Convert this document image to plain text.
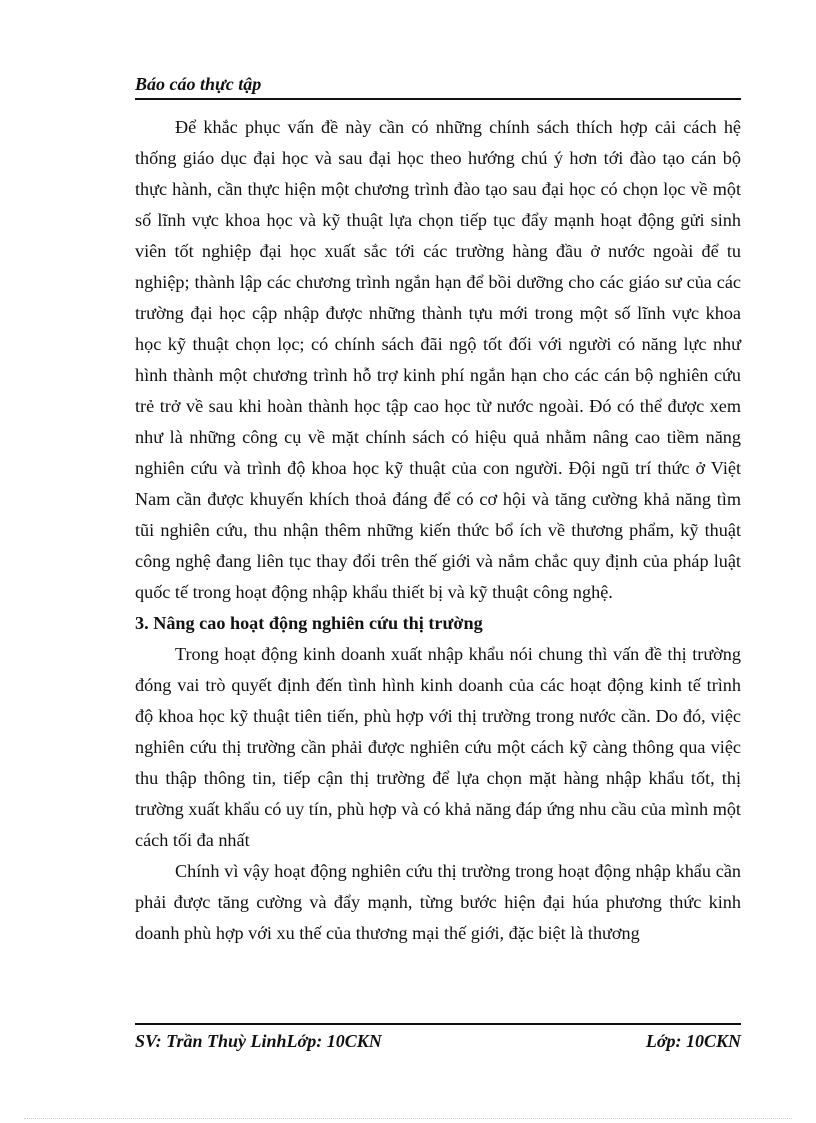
Báo cáo thực tập

Để khắc phục vấn đề này cần có những chính sách thích hợp cải cách hệ thống giáo dục đại học và sau đại học theo hướng chú ý hơn tới đào tạo cán bộ thực hành, cần thực hiện một chương trình đào tạo sau đại học có chọn lọc về một số lĩnh vực khoa học và kỹ thuật lựa chọn tiếp tục đẩy mạnh hoạt động gửi sinh viên tốt nghiệp đại học xuất sắc tới các trường hàng đầu ở nước ngoài để tu nghiệp; thành lập các chương trình ngắn hạn để bồi dưỡng cho các giáo sư của các trường đại học cập nhập được những thành tựu mới trong một số lĩnh vực khoa học kỹ thuật chọn lọc; có chính sách đãi ngộ tốt đối với người có năng lực như hình thành một chương trình hỗ trợ kinh phí ngắn hạn cho các cán bộ nghiên cứu trẻ trở về sau khi hoàn thành học tập cao học từ nước ngoài. Đó có thể được xem như là những công cụ về mặt chính sách có hiệu quả nhằm nâng cao tiềm năng nghiên cứu và trình độ khoa học kỹ thuật của con người. Đội ngũ trí thức ở Việt Nam cần được khuyến khích thoả đáng để có cơ hội và tăng cường khả năng tìm tũi nghiên cứu, thu nhận thêm những kiến thức bổ ích về thương phẩm, kỹ thuật công nghệ đang liên tục thay đổi trên thế giới và nắm chắc quy định của pháp luật quốc tế trong hoạt động nhập khẩu thiết bị và kỹ thuật công nghệ.

3. Nâng cao hoạt động nghiên cứu thị trường

Trong hoạt động kinh doanh xuất nhập khẩu nói chung thì vấn đề thị trường đóng vai trò quyết định đến tình hình kinh doanh của các hoạt động kinh tế trình độ khoa học kỹ thuật tiên tiến, phù hợp với thị trường trong nước cần. Do đó, việc nghiên cứu thị trường cần phải được nghiên cứu một cách kỹ càng thông qua việc thu thập thông tin, tiếp cận thị trường để lựa chọn mặt hàng nhập khẩu tốt, thị trường xuất khẩu có uy tín, phù hợp và có khả năng đáp ứng nhu cầu của mình một cách tối đa nhất

Chính vì vậy hoạt động nghiên cứu thị trường trong hoạt động nhập khẩu cần phải được tăng cường và đẩy mạnh, từng bước hiện đại húa phương thức kinh doanh phù hợp với xu thế của thương mại thế giới, đặc biệt là thương

SV: Trần Thuỳ LinhLớp: 10CKN	Lớp: 10CKN
